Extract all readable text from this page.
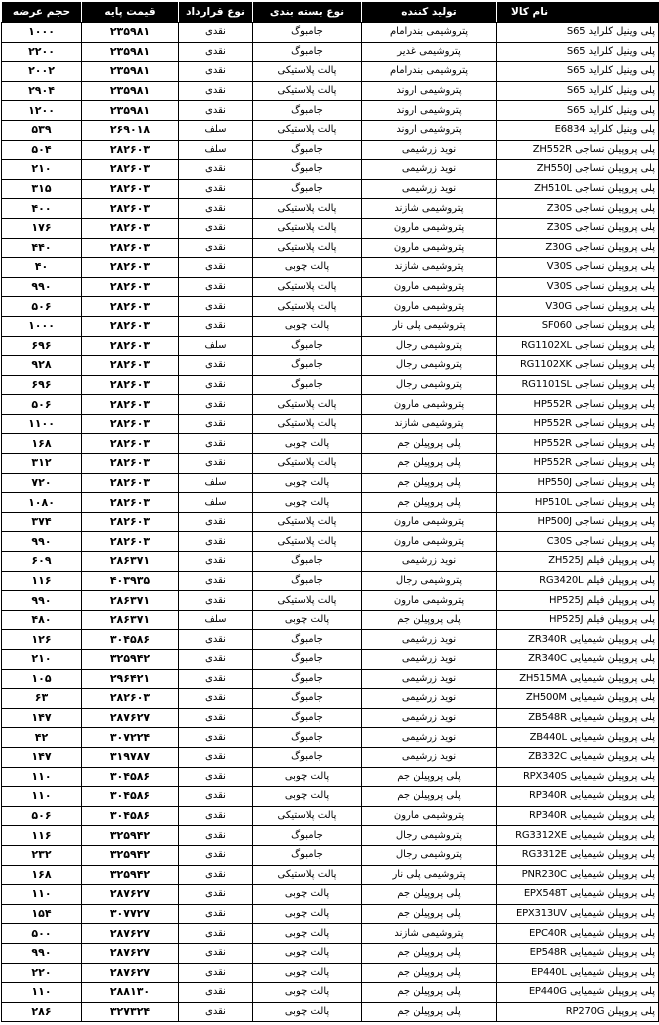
نام کالا	تولید کننده	نوع بسته بندی	نوع قرارداد	قیمت پایه	حجم عرضه
پلی وینیل کلراید S65	پتروشیمی بندرامام	جامبوگ	نقدی	۲۳۵۹۸۱	۱۰۰۰
پلی وینیل کلراید S65	پتروشیمی غدیر	جامبوگ	نقدی	۲۳۵۹۸۱	۲۲۰۰
پلی وینیل کلراید S65	پتروشیمی بندرامام	پالت پلاستیکی	نقدی	۲۳۵۹۸۱	۲۰۰۲
پلی وینیل کلراید S65	پتروشیمی اروند	پالت پلاستیکی	نقدی	۲۳۵۹۸۱	۲۹۰۴
پلی وینیل کلراید S65	پتروشیمی اروند	جامبوگ	نقدی	۲۳۵۹۸۱	۱۲۰۰
پلی وینیل کلراید E6834	پتروشیمی اروند	پالت پلاستیکی	سلف	۲۶۹۰۱۸	۵۳۹
پلی پروپیلن نساجی ZH552R	نوید زرشیمی	جامبوگ	سلف	۲۸۲۶۰۳	۵۰۴
پلی پروپیلن نساجی ZH550J	نوید زرشیمی	جامبوگ	نقدی	۲۸۲۶۰۳	۲۱۰
پلی پروپیلن نساجی ZH510L	نوید زرشیمی	جامبوگ	نقدی	۲۸۲۶۰۳	۳۱۵
پلی پروپیلن نساجی Z30S	پتروشیمی شازند	پالت پلاستیکی	نقدی	۲۸۲۶۰۳	۴۰۰
پلی پروپیلن نساجی Z30S	پتروشیمی مارون	پالت پلاستیکی	نقدی	۲۸۲۶۰۳	۱۷۶
پلی پروپیلن نساجی Z30G	پتروشیمی مارون	پالت پلاستیکی	نقدی	۲۸۲۶۰۳	۴۴۰
پلی پروپیلن نساجی V30S	پتروشیمی شازند	پالت چوبی	نقدی	۲۸۲۶۰۳	۴۰
پلی پروپیلن نساجی V30S	پتروشیمی مارون	پالت پلاستیکی	نقدی	۲۸۲۶۰۳	۹۹۰
پلی پروپیلن نساجی V30G	پتروشیمی مارون	پالت پلاستیکی	نقدی	۲۸۲۶۰۳	۵۰۶
پلی پروپیلن نساجی SF060	پتروشیمی پلی نار	پالت چوبی	نقدی	۲۸۲۶۰۳	۱۰۰۰
پلی پروپیلن نساجی RG1102XL	پتروشیمی رجال	جامبوگ	سلف	۲۸۲۶۰۳	۶۹۶
پلی پروپیلن نساجی RG1102XK	پتروشیمی رجال	جامبوگ	نقدی	۲۸۲۶۰۳	۹۲۸
پلی پروپیلن نساجی RG1101SL	پتروشیمی رجال	جامبوگ	نقدی	۲۸۲۶۰۳	۶۹۶
پلی پروپیلن نساجی HP552R	پتروشیمی مارون	پالت پلاستیکی	نقدی	۲۸۲۶۰۳	۵۰۶
پلی پروپیلن نساجی HP552R	پتروشیمی شازند	پالت پلاستیکی	نقدی	۲۸۲۶۰۳	۱۱۰۰
پلی پروپیلن نساجی HP552R	پلی پروپیلن جم	پالت چوبی	نقدی	۲۸۲۶۰۳	۱۶۸
پلی پروپیلن نساجی HP552R	پلی پروپیلن جم	پالت پلاستیکی	نقدی	۲۸۲۶۰۳	۳۱۲
پلی پروپیلن نساجی HP550J	پلی پروپیلن جم	پالت چوبی	سلف	۲۸۲۶۰۳	۷۲۰
پلی پروپیلن نساجی HP510L	پلی پروپیلن جم	پالت چوبی	سلف	۲۸۲۶۰۳	۱۰۸۰
پلی پروپیلن نساجی HP500J	پتروشیمی مارون	پالت پلاستیکی	نقدی	۲۸۲۶۰۳	۳۷۴
پلی پروپیلن نساجی C30S	پتروشیمی مارون	پالت پلاستیکی	نقدی	۲۸۲۶۰۳	۹۹۰
پلی پروپیلن فیلم ZH525J	نوید زرشیمی	جامبوگ	نقدی	۲۸۶۳۷۱	۶۰۹
پلی پروپیلن فیلم RG3420L	پتروشیمی رجال	جامبوگ	نقدی	۴۰۳۹۳۵	۱۱۶
پلی پروپیلن فیلم HP525J	پتروشیمی مارون	پالت پلاستیکی	نقدی	۲۸۶۳۷۱	۹۹۰
پلی پروپیلن فیلم HP525J	پلی پروپیلن جم	پالت چوبی	سلف	۲۸۶۳۷۱	۴۸۰
پلی پروپیلن شیمیایی ZR340R	نوید زرشیمی	جامبوگ	نقدی	۳۰۴۵۸۶	۱۲۶
پلی پروپیلن شیمیایی ZR340C	نوید زرشیمی	جامبوگ	نقدی	۳۲۵۹۴۲	۲۱۰
پلی پروپیلن شیمیایی ZH515MA	نوید زرشیمی	جامبوگ	نقدی	۲۹۶۴۲۱	۱۰۵
پلی پروپیلن شیمیایی ZH500M	نوید زرشیمی	جامبوگ	نقدی	۲۸۲۶۰۳	۶۳
پلی پروپیلن شیمیایی ZB548R	نوید زرشیمی	جامبوگ	نقدی	۲۸۷۶۲۷	۱۴۷
پلی پروپیلن شیمیایی ZB440L	نوید زرشیمی	جامبوگ	نقدی	۳۰۷۲۲۴	۴۲
پلی پروپیلن شیمیایی ZB332C	نوید زرشیمی	جامبوگ	نقدی	۳۱۹۷۸۷	۱۴۷
پلی پروپیلن شیمیایی RPX340S	پلی پروپیلن جم	پالت چوبی	نقدی	۳۰۴۵۸۶	۱۱۰
پلی پروپیلن شیمیایی RP340R	پلی پروپیلن جم	پالت چوبی	نقدی	۳۰۴۵۸۶	۱۱۰
پلی پروپیلن شیمیایی RP340R	پتروشیمی مارون	پالت پلاستیکی	نقدی	۳۰۴۵۸۶	۵۰۶
پلی پروپیلن شیمیایی RG3312XE	پتروشیمی رجال	جامبوگ	نقدی	۳۲۵۹۴۲	۱۱۶
پلی پروپیلن شیمیایی RG3312E	پتروشیمی رجال	جامبوگ	نقدی	۳۲۵۹۴۲	۲۳۲
پلی پروپیلن شیمیایی PNR230C	پتروشیمی پلی نار	پالت پلاستیکی	نقدی	۳۲۵۹۴۲	۱۶۸
پلی پروپیلن شیمیایی EPX548T	پلی پروپیلن جم	پالت چوبی	نقدی	۲۸۷۶۲۷	۱۱۰
پلی پروپیلن شیمیایی EPX313UV	پلی پروپیلن جم	پالت چوبی	نقدی	۳۰۷۷۲۷	۱۵۴
پلی پروپیلن شیمیایی EPC40R	پتروشیمی شازند	پالت چوبی	نقدی	۲۸۷۶۲۷	۵۰۰
پلی پروپیلن شیمیایی EP548R	پلی پروپیلن جم	پالت چوبی	نقدی	۲۸۷۶۲۷	۹۹۰
پلی پروپیلن شیمیایی EP440L	پلی پروپیلن جم	پالت چوبی	نقدی	۲۸۷۶۲۷	۲۲۰
پلی پروپیلن شیمیایی EP440G	پلی پروپیلن جم	پالت چوبی	نقدی	۲۸۸۱۳۰	۱۱۰
پلی پروپیلن RP270G	پلی پروپیلن جم	پالت چوبی	نقدی	۳۲۷۳۲۴	۲۸۶
